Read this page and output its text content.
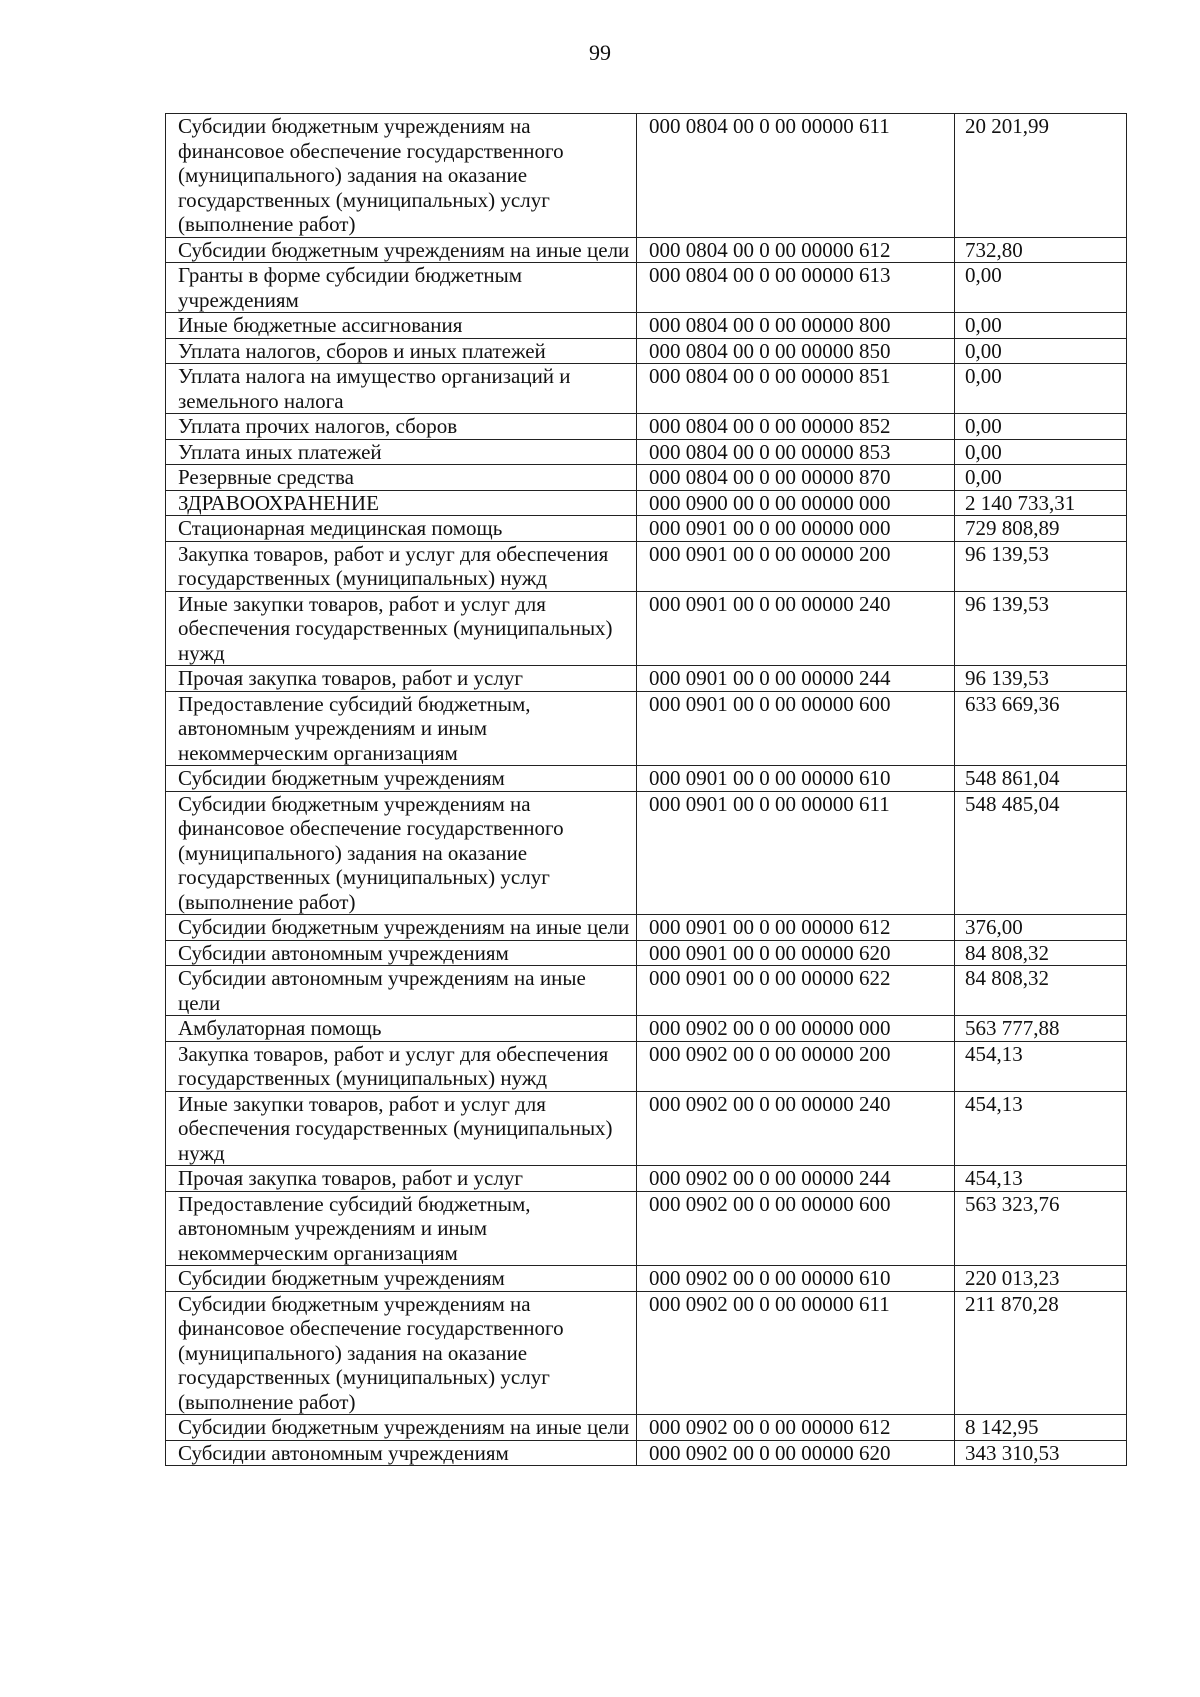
99
Субсидии бюджетным учреждениям на финансовое обеспечение государственного (муниципального) задания на оказание государственных (муниципальных) услуг (выполнение работ)	000 0804 00 0 00 00000 611	20 201,99
Субсидии бюджетным учреждениям на иные цели	000 0804 00 0 00 00000 612	732,80
Гранты в форме субсидии бюджетным учреждениям	000 0804 00 0 00 00000 613	0,00
Иные бюджетные ассигнования	000 0804 00 0 00 00000 800	0,00
Уплата налогов, сборов и иных платежей	000 0804 00 0 00 00000 850	0,00
Уплата налога на имущество организаций и земельного налога	000 0804 00 0 00 00000 851	0,00
Уплата прочих налогов, сборов	000 0804 00 0 00 00000 852	0,00
Уплата иных платежей	000 0804 00 0 00 00000 853	0,00
Резервные средства	000 0804 00 0 00 00000 870	0,00
ЗДРАВООХРАНЕНИЕ	000 0900 00 0 00 00000 000	2 140 733,31
Стационарная медицинская помощь	000 0901 00 0 00 00000 000	729 808,89
Закупка товаров, работ и услуг для обеспечения государственных (муниципальных) нужд	000 0901 00 0 00 00000 200	96 139,53
Иные закупки товаров, работ и услуг для обеспечения государственных (муниципальных) нужд	000 0901 00 0 00 00000 240	96 139,53
Прочая закупка товаров, работ и услуг	000 0901 00 0 00 00000 244	96 139,53
Предоставление субсидий бюджетным, автономным учреждениям и иным некоммерческим организациям	000 0901 00 0 00 00000 600	633 669,36
Субсидии бюджетным учреждениям	000 0901 00 0 00 00000 610	548 861,04
Субсидии бюджетным учреждениям на финансовое обеспечение государственного (муниципального) задания на оказание государственных (муниципальных) услуг (выполнение работ)	000 0901 00 0 00 00000 611	548 485,04
Субсидии бюджетным учреждениям на иные цели	000 0901 00 0 00 00000 612	376,00
Субсидии автономным учреждениям	000 0901 00 0 00 00000 620	84 808,32
Субсидии автономным учреждениям на иные цели	000 0901 00 0 00 00000 622	84 808,32
Амбулаторная помощь	000 0902 00 0 00 00000 000	563 777,88
Закупка товаров, работ и услуг для обеспечения государственных (муниципальных) нужд	000 0902 00 0 00 00000 200	454,13
Иные закупки товаров, работ и услуг для обеспечения государственных (муниципальных) нужд	000 0902 00 0 00 00000 240	454,13
Прочая закупка товаров, работ и услуг	000 0902 00 0 00 00000 244	454,13
Предоставление субсидий бюджетным, автономным учреждениям и иным некоммерческим организациям	000 0902 00 0 00 00000 600	563 323,76
Субсидии бюджетным учреждениям	000 0902 00 0 00 00000 610	220 013,23
Субсидии бюджетным учреждениям на финансовое обеспечение государственного (муниципального) задания на оказание государственных (муниципальных) услуг (выполнение работ)	000 0902 00 0 00 00000 611	211 870,28
Субсидии бюджетным учреждениям на иные цели	000 0902 00 0 00 00000 612	8 142,95
Субсидии автономным учреждениям	000 0902 00 0 00 00000 620	343 310,53
